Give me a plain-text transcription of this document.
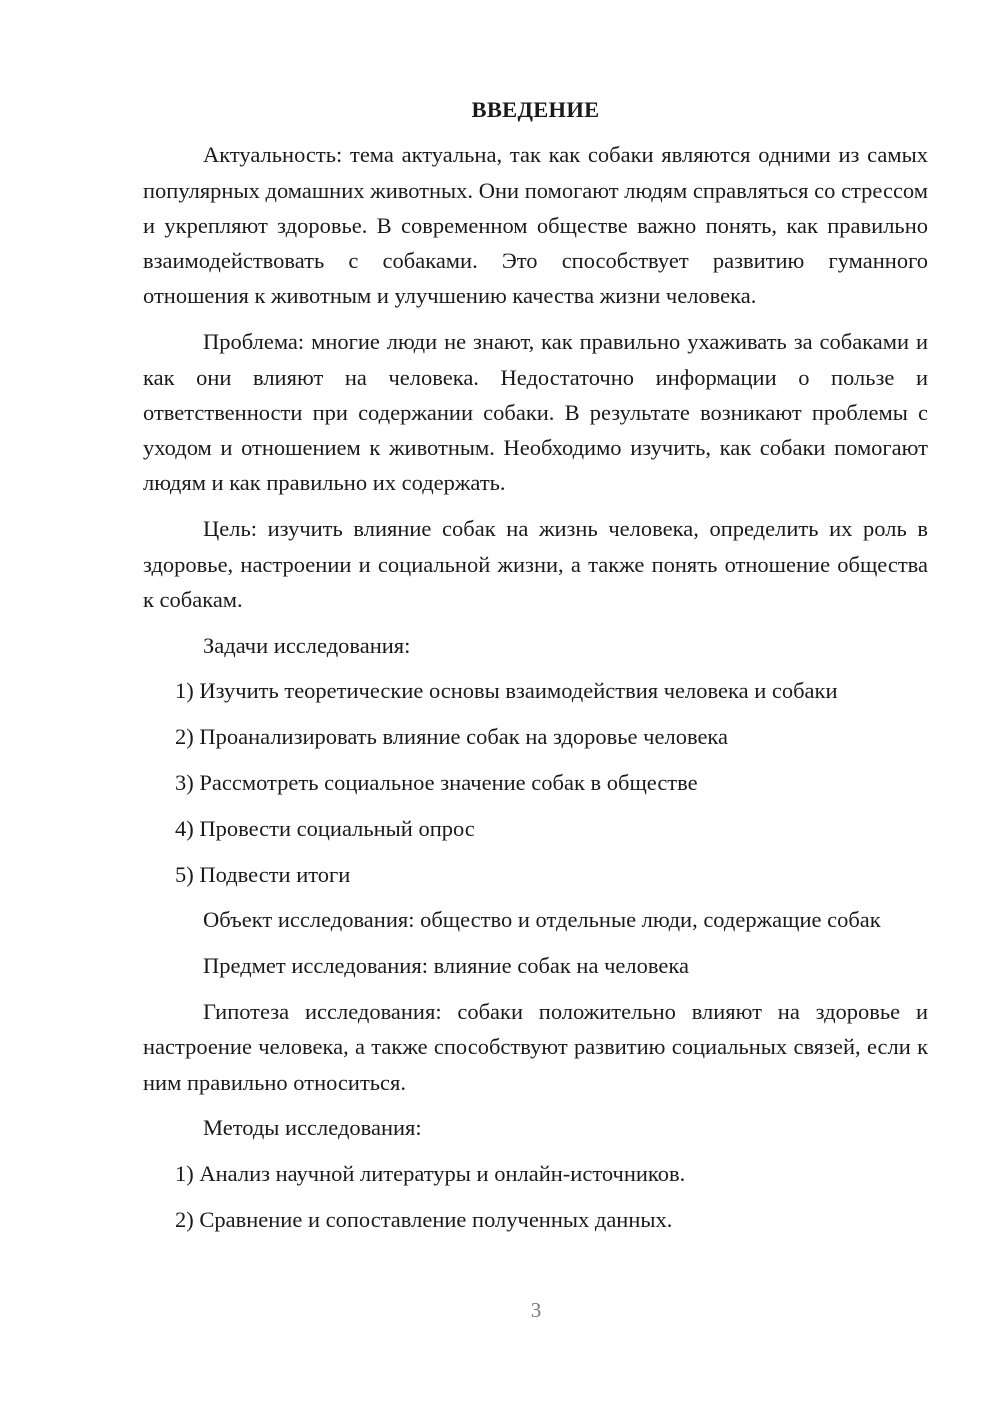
ВВЕДЕНИЕ

Актуальность: тема актуальна, так как собаки являются одними из самых популярных домашних животных. Они помогают людям справляться со стрессом и укрепляют здоровье. В современном обществе важно понять, как правильно взаимодействовать с собаками. Это способствует развитию гуманного отношения к животным и улучшению качества жизни человека.

Проблема: многие люди не знают, как правильно ухаживать за собаками и как они влияют на человека. Недостаточно информации о пользе и ответственности при содержании собаки. В результате возникают проблемы с уходом и отношением к животным. Необходимо изучить, как собаки помогают людям и как правильно их содержать.

Цель: изучить влияние собак на жизнь человека, определить их роль в здоровье, настроении и социальной жизни, а также понять отношение общества к собакам.

Задачи исследования:

1) Изучить теоретические основы взаимодействия человека и собаки
2) Проанализировать влияние собак на здоровье человека
3) Рассмотреть социальное значение собак в обществе
4) Провести социальный опрос
5) Подвести итоги

Объект исследования: общество и отдельные люди, содержащие собак

Предмет исследования: влияние собак на человека

Гипотеза исследования: собаки положительно влияют на здоровье и настроение человека, а также способствуют развитию социальных связей, если к ним правильно относиться.

Методы исследования:

1) Анализ научной литературы и онлайн-источников.
2) Сравнение и сопоставление полученных данных.
3
